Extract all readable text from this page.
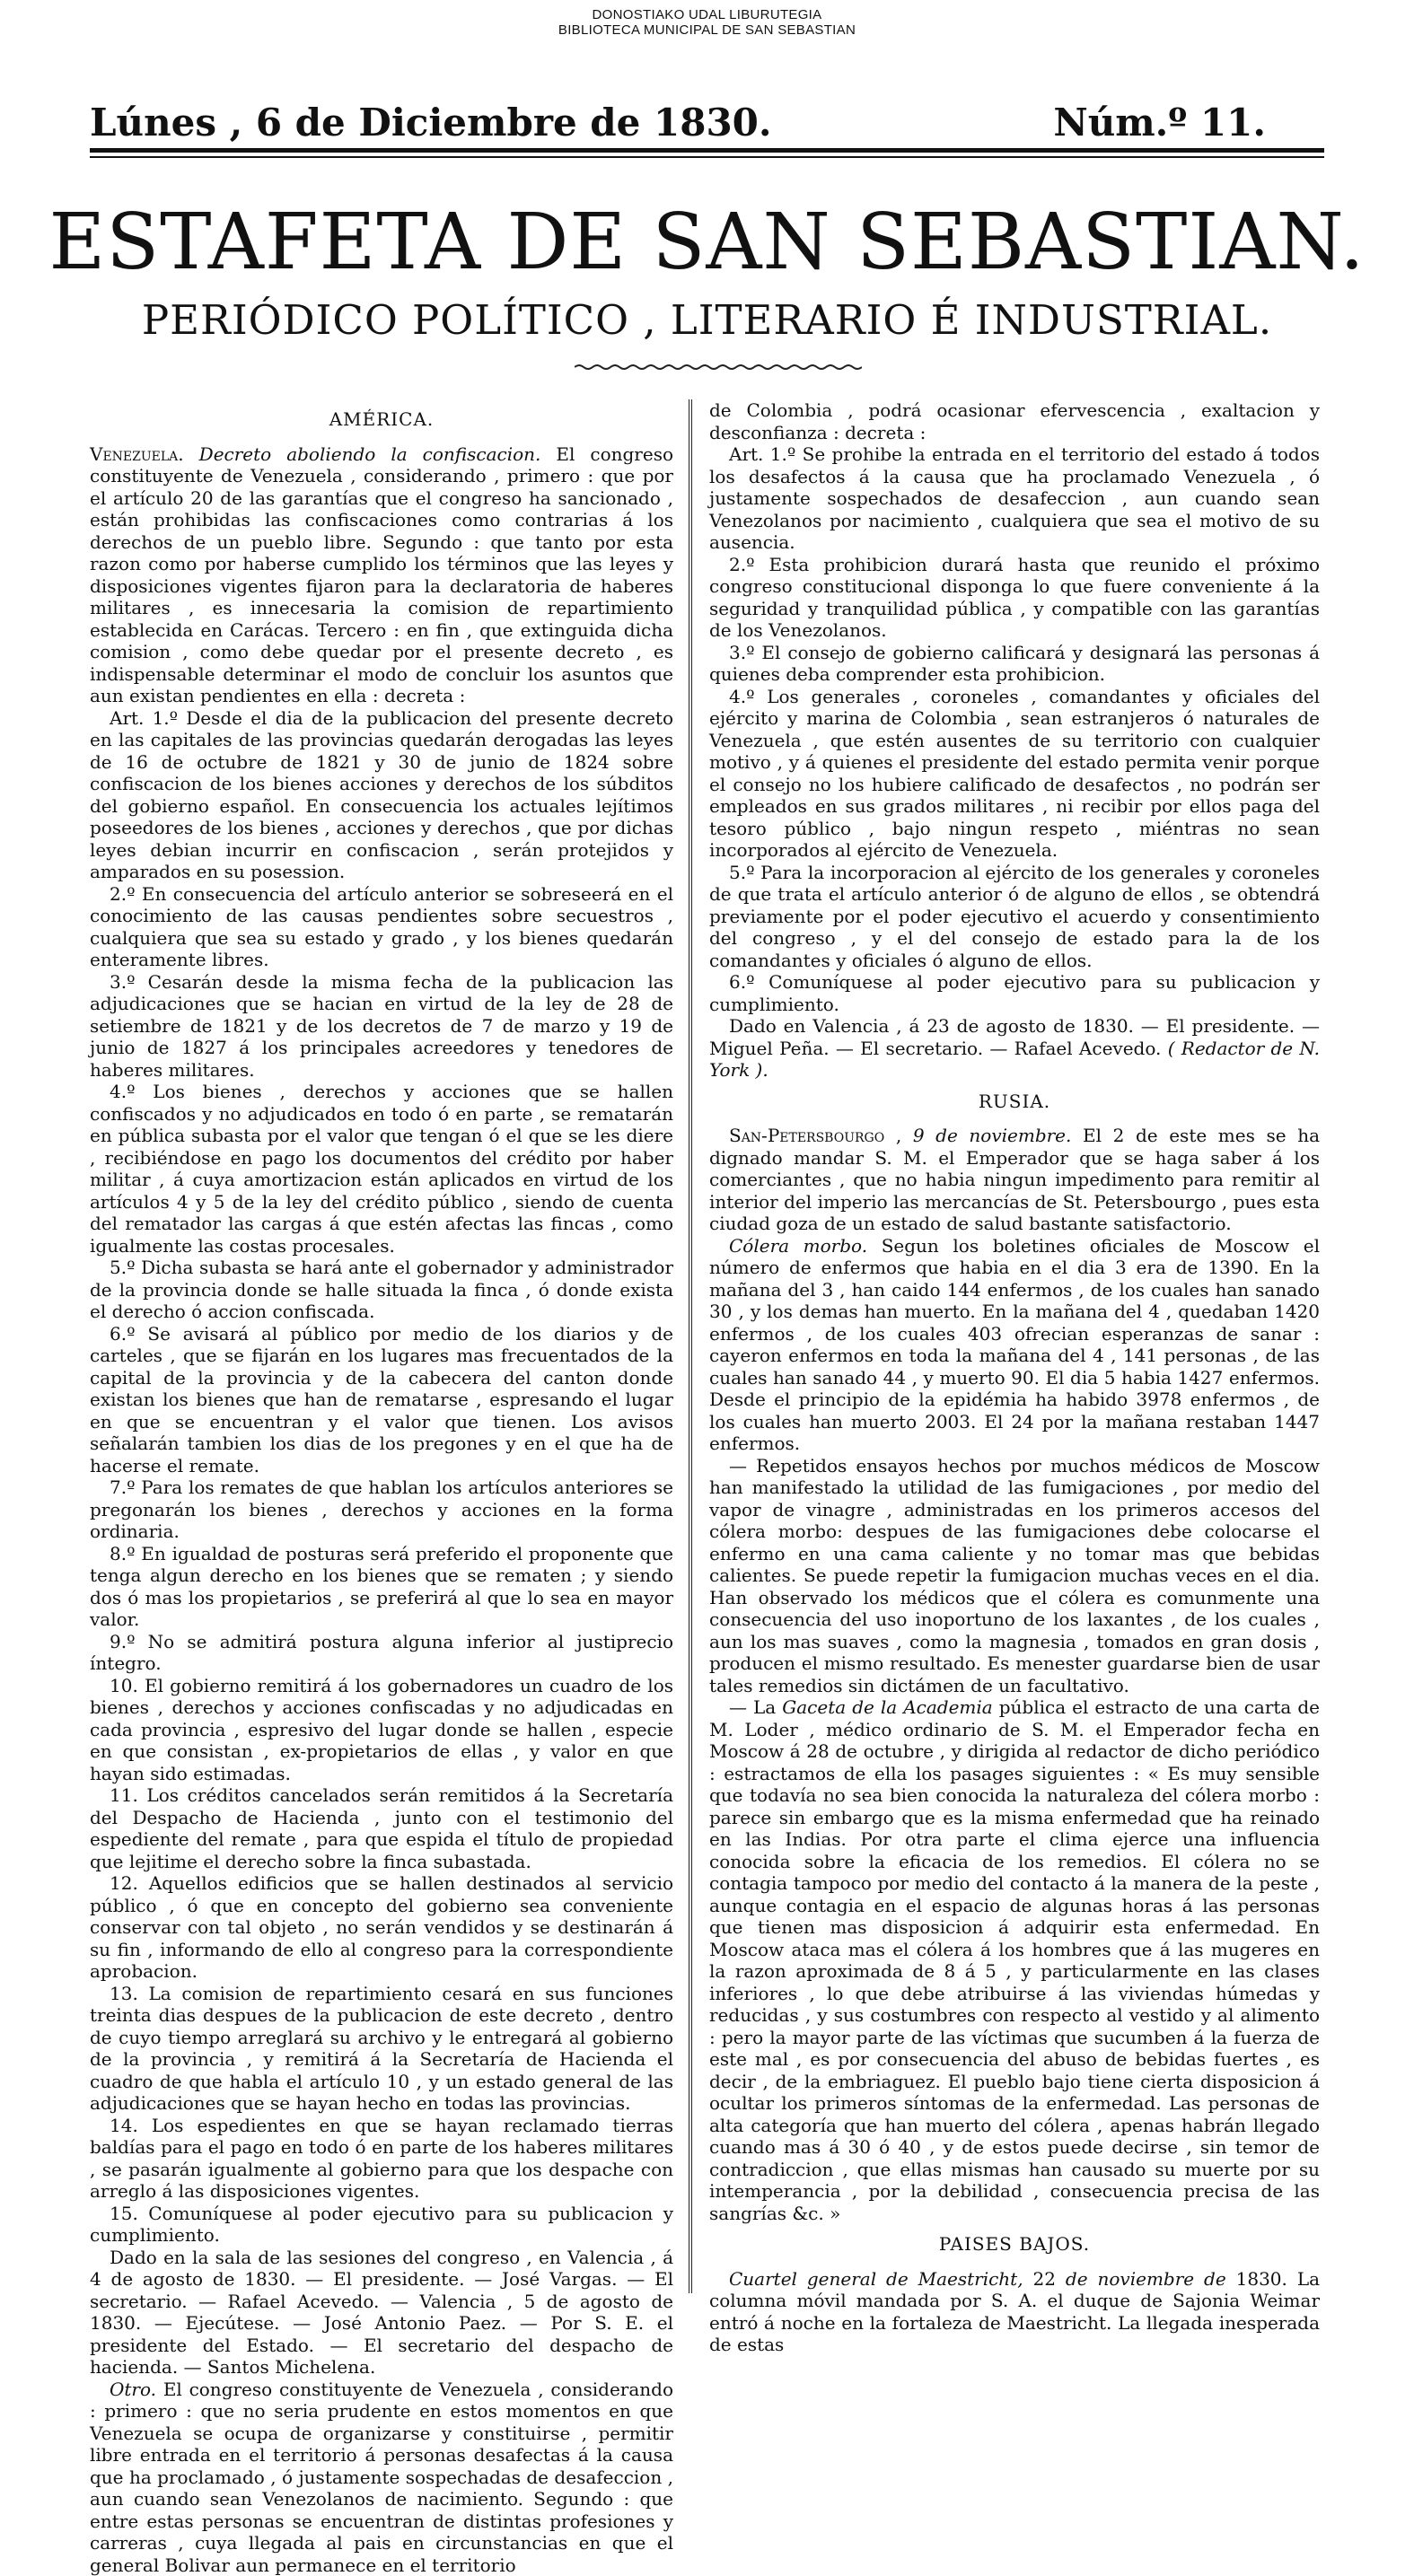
DONOSTIAKO UDAL LIBURUTEGIA
BIBLIOTECA MUNICIPAL DE SAN SEBASTIAN
Lúnes , 6 de Diciembre de 1830.	Núm.º 11.
ESTAFETA DE SAN SEBASTIAN.
PERIÓDICO POLÍTICO , LITERARIO É INDUSTRIAL.
AMÉRICA.

Venezuela. Decreto aboliendo la confiscacion. El congreso constituyente de Venezuela , considerando , primero : que por el artículo 20 de las garantías que el congreso ha sancionado , están prohibidas las confiscaciones como contrarias á los derechos de un pueblo libre. Segundo : que tanto por esta razon como por haberse cumplido los términos que las leyes y disposiciones vigentes fijaron para la declaratoria de haberes militares , es innecesaria la comision de repartimiento establecida en Carácas. Tercero : en fin , que extinguida dicha comision , como debe quedar por el presente decreto , es indispensable determinar el modo de concluir los asuntos que aun existan pendientes en ella : decreta :

Art. 1.º Desde el dia de la publicacion del presente decreto en las capitales de las provincias quedarán derogadas las leyes de 16 de octubre de 1821 y 30 de junio de 1824 sobre confiscacion de los bienes acciones y derechos de los súbditos del gobierno español. En consecuencia los actuales lejítimos poseedores de los bienes , acciones y derechos , que por dichas leyes debian incurrir en confiscacion , serán protejidos y amparados en su posession.

2.º En consecuencia del artículo anterior se sobreseerá en el conocimiento de las causas pendientes sobre secuestros , cualquiera que sea su estado y grado , y los bienes quedarán enteramente libres.

3.º Cesarán desde la misma fecha de la publicacion las adjudicaciones que se hacian en virtud de la ley de 28 de setiembre de 1821 y de los decretos de 7 de marzo y 19 de junio de 1827 á los principales acreedores y tenedores de haberes militares.

4.º Los bienes , derechos y acciones que se hallen confiscados y no adjudicados en todo ó en parte , se rematarán en pública subasta por el valor que tengan ó el que se les diere , recibiéndose en pago los documentos del crédito por haber militar , á cuya amortizacion están aplicados en virtud de los artículos 4 y 5 de la ley del crédito público , siendo de cuenta del rematador las cargas á que estén afectas las fincas , como igualmente las costas procesales.

5.º Dicha subasta se hará ante el gobernador y administrador de la provincia donde se halle situada la finca , ó donde exista el derecho ó accion confiscada.

6.º Se avisará al público por medio de los diarios y de carteles , que se fijarán en los lugares mas frecuentados de la capital de la provincia y de la cabecera del canton donde existan los bienes que han de rematarse , espresando el lugar en que se encuentran y el valor que tienen. Los avisos señalarán tambien los dias de los pregones y en el que ha de hacerse el remate.

7.º Para los remates de que hablan los artículos anteriores se pregonarán los bienes , derechos y acciones en la forma ordinaria.

8.º En igualdad de posturas será preferido el proponente que tenga algun derecho en los bienes que se rematen ; y siendo dos ó mas los propietarios , se preferirá al que lo sea en mayor valor.

9.º No se admitirá postura alguna inferior al justiprecio íntegro.

10. El gobierno remitirá á los gobernadores un cuadro de los bienes , derechos y acciones confiscadas y no adjudicadas en cada provincia , espresivo del lugar donde se hallen , especie en que consistan , ex-propietarios de ellas , y valor en que hayan sido estimadas.

11. Los créditos cancelados serán remitidos á la Secretaría del Despacho de Hacienda , junto con el testimonio del espediente del remate , para que espida el título de propiedad que lejitime el derecho sobre la finca subastada.

12. Aquellos edificios que se hallen destinados al servicio público , ó que en concepto del gobierno sea conveniente conservar con tal objeto , no serán vendidos y se destinarán á su fin , informando de ello al congreso para la correspondiente aprobacion.

13. La comision de repartimiento cesará en sus funciones treinta dias despues de la publicacion de este decreto , dentro de cuyo tiempo arreglará su archivo y le entregará al gobierno de la provincia , y remitirá á la Secretaría de Hacienda el cuadro de que habla el artículo 10 , y un estado general de las adjudicaciones que se hayan hecho en todas las provincias.

14. Los espedientes en que se hayan reclamado tierras baldías para el pago en todo ó en parte de los haberes militares , se pasarán igualmente al gobierno para que los despache con arreglo á las disposiciones vigentes.

15. Comuníquese al poder ejecutivo para su publicacion y cumplimiento.

Dado en la sala de las sesiones del congreso , en Valencia , á 4 de agosto de 1830. — El presidente. — José Vargas. — El secretario. — Rafael Acevedo. — Valencia , 5 de agosto de 1830. — Ejecútese. — José Antonio Paez. — Por S. E. el presidente del Estado. — El secretario del despacho de hacienda. — Santos Michelena.

Otro. El congreso constituyente de Venezuela , considerando : primero : que no seria prudente en estos momentos en que Venezuela se ocupa de organizarse y constituirse , permitir libre entrada en el territorio á personas desafectas á la causa que ha proclamado , ó justamente sospechadas de desafeccion , aun cuando sean Venezolanos de nacimiento. Segundo : que entre estas personas se encuentran de distintas profesiones y carreras , cuya llegada al pais en circunstancias en que el general Bolivar aun permanece en el territorio

de Colombia , podrá ocasionar efervescencia , exaltacion y desconfianza : decreta :

Art. 1.º Se prohibe la entrada en el territorio del estado á todos los desafectos á la causa que ha proclamado Venezuela , ó justamente sospechados de desafeccion , aun cuando sean Venezolanos por nacimiento , cualquiera que sea el motivo de su ausencia.

2.º Esta prohibicion durará hasta que reunido el próximo congreso constitucional disponga lo que fuere conveniente á la seguridad y tranquilidad pública , y compatible con las garantías de los Venezolanos.

3.º El consejo de gobierno calificará y designará las personas á quienes deba comprender esta prohibicion.

4.º Los generales , coroneles , comandantes y oficiales del ejército y marina de Colombia , sean estranjeros ó naturales de Venezuela , que estén ausentes de su territorio con cualquier motivo , y á quienes el presidente del estado permita venir porque el consejo no los hubiere calificado de desafectos , no podrán ser empleados en sus grados militares , ni recibir por ellos paga del tesoro público , bajo ningun respeto , miéntras no sean incorporados al ejército de Venezuela.

5.º Para la incorporacion al ejército de los generales y coroneles de que trata el artículo anterior ó de alguno de ellos , se obtendrá previamente por el poder ejecutivo el acuerdo y consentimiento del congreso , y el del consejo de estado para la de los comandantes y oficiales ó alguno de ellos.

6.º Comuníquese al poder ejecutivo para su publicacion y cumplimiento.

Dado en Valencia , á 23 de agosto de 1830. — El presidente. — Miguel Peña. — El secretario. — Rafael Acevedo. ( Redactor de N. York ).

RUSIA.

San-Petersbourgo , 9 de noviembre. El 2 de este mes se ha dignado mandar S. M. el Emperador que se haga saber á los comerciantes , que no habia ningun impedimento para remitir al interior del imperio las mercancías de St. Petersbourgo , pues esta ciudad goza de un estado de salud bastante satisfactorio.

Cólera morbo. Segun los boletines oficiales de Moscow el número de enfermos que habia en el dia 3 era de 1390. En la mañana del 3 , han caido 144 enfermos , de los cuales han sanado 30 , y los demas han muerto. En la mañana del 4 , quedaban 1420 enfermos , de los cuales 403 ofrecian esperanzas de sanar : cayeron enfermos en toda la mañana del 4 , 141 personas , de las cuales han sanado 44 , y muerto 90. El dia 5 habia 1427 enfermos. Desde el principio de la epidémia ha habido 3978 enfermos , de los cuales han muerto 2003. El 24 por la mañana restaban 1447 enfermos.

— Repetidos ensayos hechos por muchos médicos de Moscow han manifestado la utilidad de las fumigaciones , por medio del vapor de vinagre , administradas en los primeros accesos del cólera morbo: despues de las fumigaciones debe colocarse el enfermo en una cama caliente y no tomar mas que bebidas calientes. Se puede repetir la fumigacion muchas veces en el dia. Han observado los médicos que el cólera es comunmente una consecuencia del uso inoportuno de los laxantes , de los cuales , aun los mas suaves , como la magnesia , tomados en gran dosis , producen el mismo resultado. Es menester guardarse bien de usar tales remedios sin dictámen de un facultativo.

— La Gaceta de la Academia pública el estracto de una carta de M. Loder , médico ordinario de S. M. el Emperador fecha en Moscow á 28 de octubre , y dirigida al redactor de dicho periódico : estractamos de ella los pasages siguientes : « Es muy sensible que todavía no sea bien conocida la naturaleza del cólera morbo : parece sin embargo que es la misma enfermedad que ha reinado en las Indias. Por otra parte el clima ejerce una influencia conocida sobre la eficacia de los remedios. El cólera no se contagia tampoco por medio del contacto á la manera de la peste , aunque contagia en el espacio de algunas horas á las personas que tienen mas disposicion á adquirir esta enfermedad. En Moscow ataca mas el cólera á los hombres que á las mugeres en la razon aproximada de 8 á 5 , y particularmente en las clases inferiores , lo que debe atribuirse á las viviendas húmedas y reducidas , y sus costumbres con respecto al vestido y al alimento : pero la mayor parte de las víctimas que sucumben á la fuerza de este mal , es por consecuencia del abuso de bebidas fuertes , es decir , de la embriaguez. El pueblo bajo tiene cierta disposicion á ocultar los primeros síntomas de la enfermedad. Las personas de alta categoría que han muerto del cólera , apenas habrán llegado cuando mas á 30 ó 40 , y de estos puede decirse , sin temor de contradiccion , que ellas mismas han causado su muerte por su intemperancia , por la debilidad , consecuencia precisa de las sangrías &c. »

PAISES BAJOS.

Cuartel general de Maestricht, 22 de noviembre de 1830. La columna móvil mandada por S. A. el duque de Sajonia Weimar entró á noche en la fortaleza de Maestricht. La llegada inesperada de estas
